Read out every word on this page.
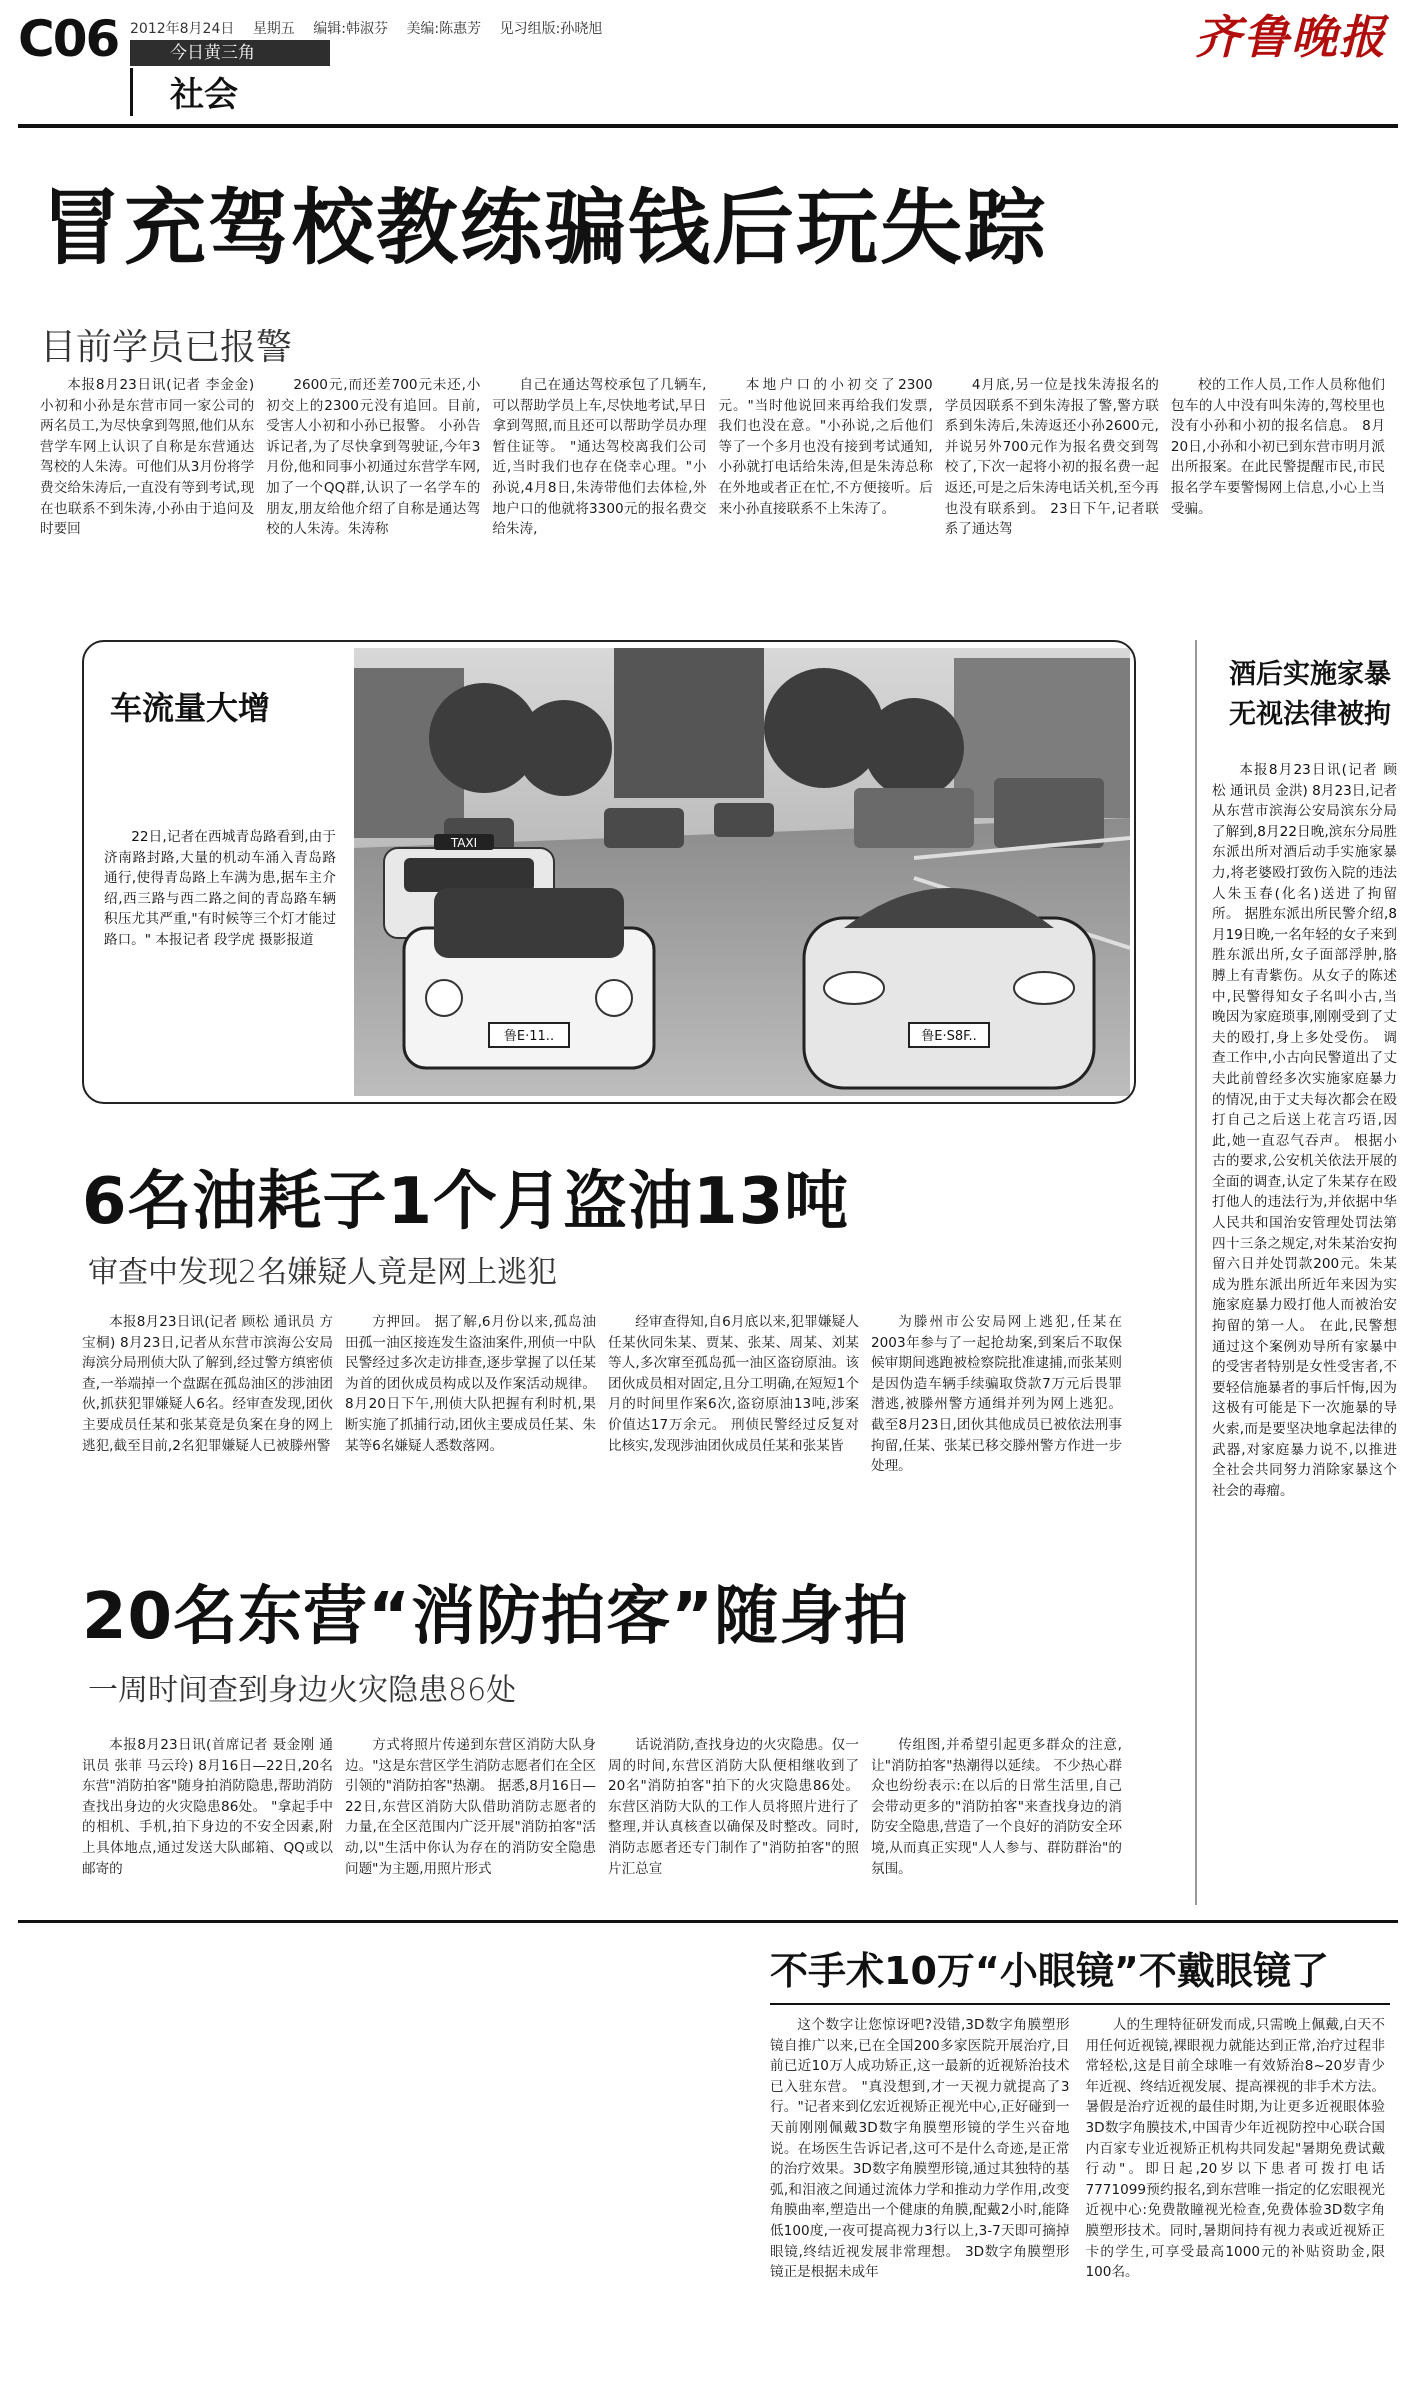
C06 2012年8月24日 星期五 编辑:韩淑芬 美编:陈惠芳 见习组版:孙晓旭
今日黄三角
社会
齐鲁晚报
冒充驾校教练骗钱后玩失踪
目前学员已报警

本报8月23日讯(记者 李金金) 小初和小孙是东营市同一家公司的两名员工,为尽快拿到驾照,他们从东营学车网上认识了自称是东营通达驾校的人朱涛。可他们从3月份将学费交给朱涛后,一直没有等到考试,现在也联系不到朱涛,小孙由于追问及时要回

2600元,而还差700元未还,小初交上的2300元没有追回。目前,受害人小初和小孙已报警。 小孙告诉记者,为了尽快拿到驾驶证,今年3月份,他和同事小初通过东营学车网,加了一个QQ群,认识了一名学车的朋友,朋友给他介绍了自称是通达驾校的人朱涛。朱涛称

自己在通达驾校承包了几辆车,可以帮助学员上车,尽快地考试,早日拿到驾照,而且还可以帮助学员办理暂住证等。 "通达驾校离我们公司近,当时我们也存在侥幸心理。"小孙说,4月8日,朱涛带他们去体检,外地户口的他就将3300元的报名费交给朱涛,

本地户口的小初交了2300元。"当时他说回来再给我们发票,我们也没在意。"小孙说,之后他们等了一个多月也没有接到考试通知,小孙就打电话给朱涛,但是朱涛总称在外地或者正在忙,不方便接听。后来小孙直接联系不上朱涛了。

4月底,另一位是找朱涛报名的学员因联系不到朱涛报了警,警方联系到朱涛后,朱涛返还小孙2600元,并说另外700元作为报名费交到驾校了,下次一起将小初的报名费一起返还,可是之后朱涛电话关机,至今再也没有联系到。 23日下午,记者联系了通达驾

校的工作人员,工作人员称他们包车的人中没有叫朱涛的,驾校里也没有小孙和小初的报名信息。 8月20日,小孙和小初已到东营市明月派出所报案。在此民警提醒市民,市民报名学车要警惕网上信息,小心上当受骗。

车流量大增

22日,记者在西城青岛路看到,由于济南路封路,大量的机动车涌入青岛路通行,使得青岛路上车满为患,据车主介绍,西三路与西二路之间的青岛路车辆积压尤其严重,"有时候等三个灯才能过路口。" 本报记者 段学虎 摄影报道

TAXI
鲁E·11..	鲁E·S8F..
酒后实施家暴
无视法律被拘

本报8月23日讯(记者 顾松 通讯员 金洪) 8月23日,记者从东营市滨海公安局滨东分局了解到,8月22日晚,滨东分局胜东派出所对酒后动手实施家暴力,将老婆殴打致伤入院的违法人朱玉春(化名)送进了拘留所。 据胜东派出所民警介绍,8月19日晚,一名年轻的女子来到胜东派出所,女子面部浮肿,胳膊上有青紫伤。从女子的陈述中,民警得知女子名叫小古,当晚因为家庭琐事,刚刚受到了丈夫的殴打,身上多处受伤。 调查工作中,小古向民警道出了丈夫此前曾经多次实施家庭暴力的情况,由于丈夫每次都会在殴打自己之后送上花言巧语,因此,她一直忍气吞声。 根据小古的要求,公安机关依法开展的全面的调查,认定了朱某存在殴打他人的违法行为,并依据中华人民共和国治安管理处罚法第四十三条之规定,对朱某治安拘留六日并处罚款200元。朱某成为胜东派出所近年来因为实施家庭暴力殴打他人而被治安拘留的第一人。 在此,民警想通过这个案例劝导所有家暴中的受害者特别是女性受害者,不要轻信施暴者的事后忏悔,因为这极有可能是下一次施暴的导火索,而是要坚决地拿起法律的武器,对家庭暴力说不,以推进全社会共同努力消除家暴这个社会的毒瘤。

6名油耗子1个月盗油13吨
审查中发现2名嫌疑人竟是网上逃犯

本报8月23日讯(记者 顾松 通讯员 方宝桐) 8月23日,记者从东营市滨海公安局海滨分局刑侦大队了解到,经过警方缜密侦查,一举端掉一个盘踞在孤岛油区的涉油团伙,抓获犯罪嫌疑人6名。经审查发现,团伙主要成员任某和张某竟是负案在身的网上逃犯,截至目前,2名犯罪嫌疑人已被滕州警

方押回。 据了解,6月份以来,孤岛油田孤一油区接连发生盗油案件,刑侦一中队民警经过多次走访排查,逐步掌握了以任某为首的团伙成员构成以及作案活动规律。8月20日下午,刑侦大队把握有利时机,果断实施了抓捕行动,团伙主要成员任某、朱某等6名嫌疑人悉数落网。

经审查得知,自6月底以来,犯罪嫌疑人任某伙同朱某、贾某、张某、周某、刘某等人,多次窜至孤岛孤一油区盗窃原油。该团伙成员相对固定,且分工明确,在短短1个月的时间里作案6次,盗窃原油13吨,涉案价值达17万余元。 刑侦民警经过反复对比核实,发现涉油团伙成员任某和张某皆

为滕州市公安局网上逃犯,任某在2003年参与了一起抢劫案,到案后不取保候审期间逃跑被检察院批准逮捕,而张某则是因伪造车辆手续骗取贷款7万元后畏罪潜逃,被滕州警方通缉并列为网上逃犯。 截至8月23日,团伙其他成员已被依法刑事拘留,任某、张某已移交滕州警方作进一步处理。

20名东营“消防拍客”随身拍
一周时间查到身边火灾隐患86处

本报8月23日讯(首席记者 聂金刚 通讯员 张菲 马云玲) 8月16日—22日,20名东营"消防拍客"随身拍消防隐患,帮助消防查找出身边的火灾隐患86处。 "拿起手中的相机、手机,拍下身边的不安全因素,附上具体地点,通过发送大队邮箱、QQ或以邮寄的

方式将照片传递到东营区消防大队身边。"这是东营区学生消防志愿者们在全区引领的"消防拍客"热潮。 据悉,8月16日—22日,东营区消防大队借助消防志愿者的力量,在全区范围内广泛开展"消防拍客"活动,以"生活中你认为存在的消防安全隐患问题"为主题,用照片形式

话说消防,查找身边的火灾隐患。仅一周的时间,东营区消防大队便相继收到了20名"消防拍客"拍下的火灾隐患86处。 东营区消防大队的工作人员将照片进行了整理,并认真核查以确保及时整改。同时,消防志愿者还专门制作了"消防拍客"的照片汇总宣

传组图,并希望引起更多群众的注意,让"消防拍客"热潮得以延续。 不少热心群众也纷纷表示:在以后的日常生活里,自己会带动更多的"消防拍客"来查找身边的消防安全隐患,营造了一个良好的消防安全环境,从而真正实现"人人参与、群防群治"的氛围。

不手术10万“小眼镜”不戴眼镜了

这个数字让您惊讶吧?没错,3D数字角膜塑形镜自推广以来,已在全国200多家医院开展治疗,目前已近10万人成功矫正,这一最新的近视矫治技术已入驻东营。 "真没想到,才一天视力就提高了3行。"记者来到亿宏近视矫正视光中心,正好碰到一天前刚刚佩戴3D数字角膜塑形镜的学生兴奋地说。在场医生告诉记者,这可不是什么奇迹,是正常的治疗效果。3D数字角膜塑形镜,通过其独特的基弧,和泪液之间通过流体力学和推动力学作用,改变角膜曲率,塑造出一个健康的角膜,配戴2小时,能降低100度,一夜可提高视力3行以上,3-7天即可摘掉眼镜,终结近视发展非常理想。 3D数字角膜塑形镜正是根据未成年

人的生理特征研发而成,只需晚上佩戴,白天不用任何近视镜,裸眼视力就能达到正常,治疗过程非常轻松,这是目前全球唯一有效矫治8~20岁青少年近视、终结近视发展、提高裸视的非手术方法。 暑假是治疗近视的最佳时期,为让更多近视眼体验3D数字角膜技术,中国青少年近视防控中心联合国内百家专业近视矫正机构共同发起"暑期免费试戴行动"。即日起,20岁以下患者可拨打电话7771099预约报名,到东营唯一指定的亿宏眼视光近视中心:免费散瞳视光检查,免费体验3D数字角膜塑形技术。同时,暑期间持有视力表或近视矫正卡的学生,可享受最高1000元的补贴资助金,限100名。
